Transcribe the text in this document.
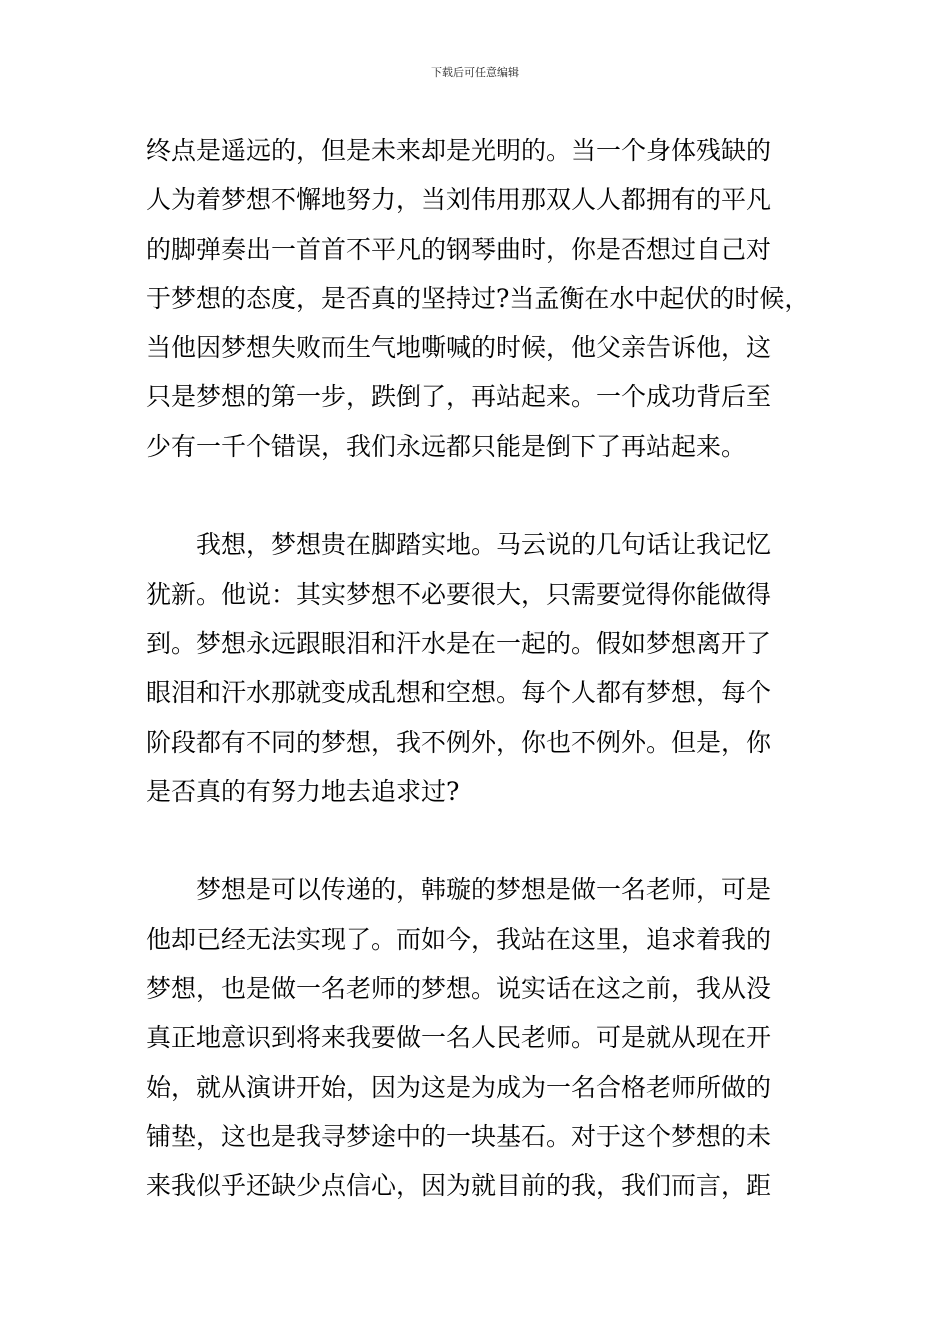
下载后可任意编辑
终点是遥远的，但是未来却是光明的。当一个身体残缺的
人为着梦想不懈地努力，当刘伟用那双人人都拥有的平凡
的脚弹奏出一首首不平凡的钢琴曲时，你是否想过自己对
于梦想的态度，是否真的坚持过?当孟衡在水中起伏的时候，
当他因梦想失败而生气地嘶喊的时候，他父亲告诉他，这
只是梦想的第一步，跌倒了，再站起来。一个成功背后至
少有一千个错误，我们永远都只能是倒下了再站起来。
我想，梦想贵在脚踏实地。马云说的几句话让我记忆
犹新。他说：其实梦想不必要很大，只需要觉得你能做得
到。梦想永远跟眼泪和汗水是在一起的。假如梦想离开了
眼泪和汗水那就变成乱想和空想。每个人都有梦想，每个
阶段都有不同的梦想，我不例外，你也不例外。但是，你
是否真的有努力地去追求过?
梦想是可以传递的，韩璇的梦想是做一名老师，可是
他却已经无法实现了。而如今，我站在这里，追求着我的
梦想，也是做一名老师的梦想。说实话在这之前，我从没
真正地意识到将来我要做一名人民老师。可是就从现在开
始，就从演讲开始，因为这是为成为一名合格老师所做的
铺垫，这也是我寻梦途中的一块基石。对于这个梦想的未
来我似乎还缺少点信心，因为就目前的我，我们而言，距
